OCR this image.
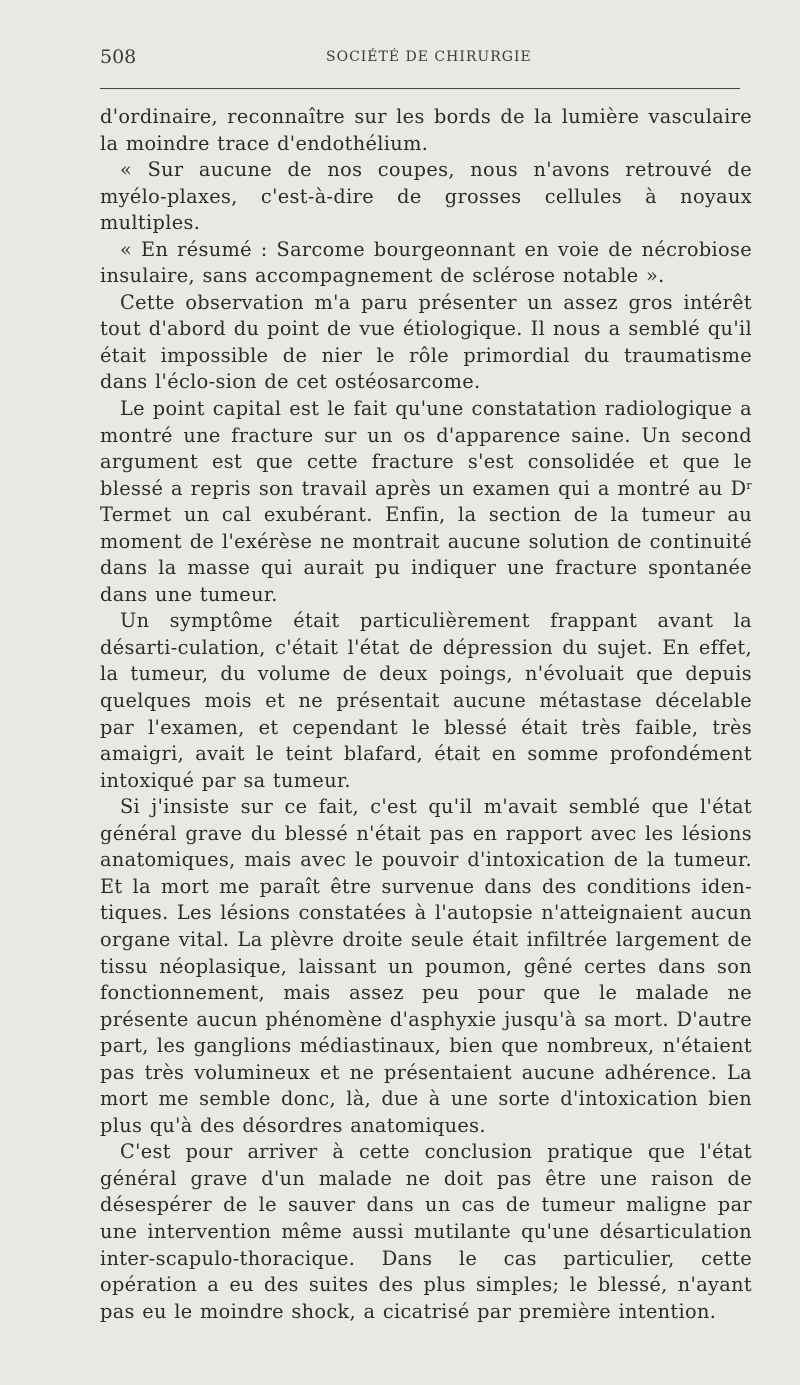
508	SOCIÉTÉ DE CHIRURGIE

d'ordinaire, reconnaître sur les bords de la lumière vasculaire la moindre trace d'endothélium.

« Sur aucune de nos coupes, nous n'avons retrouvé de myélo-plaxes, c'est-à-dire de grosses cellules à noyaux multiples.

« En résumé : Sarcome bourgeonnant en voie de nécrobiose insulaire, sans accompagnement de sclérose notable ».

Cette observation m'a paru présenter un assez gros intérêt tout d'abord du point de vue étiologique. Il nous a semblé qu'il était impossible de nier le rôle primordial du traumatisme dans l'éclo-sion de cet ostéosarcome.

Le point capital est le fait qu'une constatation radiologique a montré une fracture sur un os d'apparence saine. Un second argument est que cette fracture s'est consolidée et que le blessé a repris son travail après un examen qui a montré au $D^r$ Termet un cal exubérant. Enfin, la section de la tumeur au moment de l'exérèse ne montrait aucune solution de continuité dans la masse qui aurait pu indiquer une fracture spontanée dans une tumeur.

Un symptôme était particulièrement frappant avant la désarti-culation, c'était l'état de dépression du sujet. En effet, la tumeur, du volume de deux poings, n'évoluait que depuis quelques mois et ne présentait aucune métastase décelable par l'examen, et cependant le blessé était très faible, très amaigri, avait le teint blafard, était en somme profondément intoxiqué par sa tumeur.

Si j'insiste sur ce fait, c'est qu'il m'avait semblé que l'état général grave du blessé n'était pas en rapport avec les lésions anatomiques, mais avec le pouvoir d'intoxication de la tumeur. Et la mort me paraît être survenue dans des conditions iden-tiques. Les lésions constatées à l'autopsie n'atteignaient aucun organe vital. La plèvre droite seule était infiltrée largement de tissu néoplasique, laissant un poumon, gêné certes dans son fonctionnement, mais assez peu pour que le malade ne présente aucun phénomène d'asphyxie jusqu'à sa mort. D'autre part, les ganglions médiastinaux, bien que nombreux, n'étaient pas très volumineux et ne présentaient aucune adhérence. La mort me semble donc, là, due à une sorte d'intoxication bien plus qu'à des désordres anatomiques.

C'est pour arriver à cette conclusion pratique que l'état général grave d'un malade ne doit pas être une raison de désespérer de le sauver dans un cas de tumeur maligne par une intervention même aussi mutilante qu'une désarticulation inter-scapulo-thoracique. Dans le cas particulier, cette opération a eu des suites des plus simples; le blessé, n'ayant pas eu le moindre shock, a cicatrisé par première intention.
